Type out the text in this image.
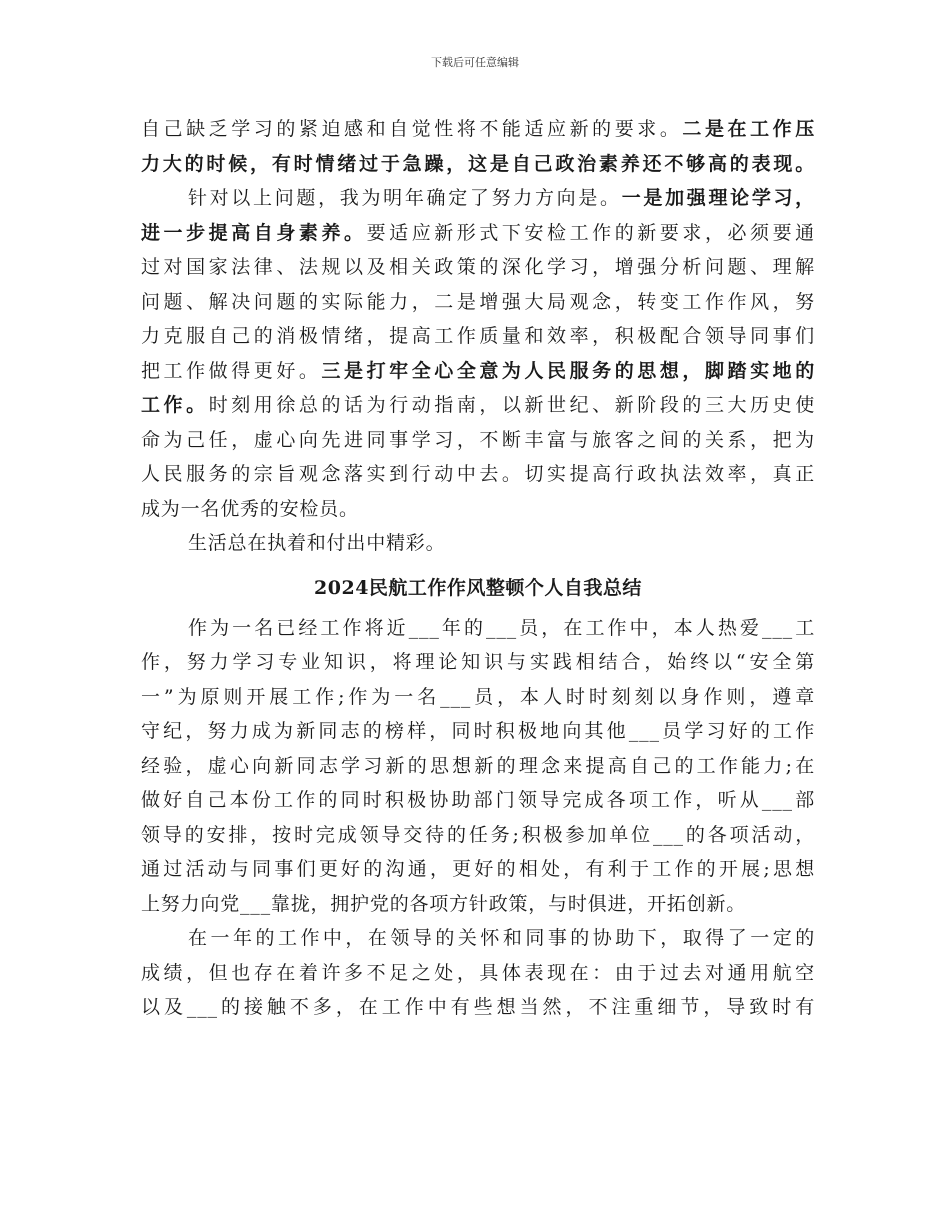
下载后可任意编辑
自己缺乏学习的紧迫感和自觉性将不能适应新的要求。二是在工作压
力大的时候，有时情绪过于急躁，这是自己政治素养还不够高的表现。
针对以上问题，我为明年确定了努力方向是。一是加强理论学习，
进一步提高自身素养。要适应新形式下安检工作的新要求，必须要通
过对国家法律、法规以及相关政策的深化学习，增强分析问题、理解
问题、解决问题的实际能力，二是增强大局观念，转变工作作风，努
力克服自己的消极情绪，提高工作质量和效率，积极配合领导同事们
把工作做得更好。三是打牢全心全意为人民服务的思想，脚踏实地的
工作。时刻用徐总的话为行动指南，以新世纪、新阶段的三大历史使
命为己任，虚心向先进同事学习，不断丰富与旅客之间的关系，把为
人民服务的宗旨观念落实到行动中去。切实提高行政执法效率，真正
成为一名优秀的安检员。
生活总在执着和付出中精彩。
2024民航工作作风整顿个人自我总结
作为一名已经工作将近___年的___员，在工作中，本人热爱___工
作，努力学习专业知识，将理论知识与实践相结合，始终以“安全第
一”为原则开展工作;作为一名___员，本人时时刻刻以身作则，遵章
守纪，努力成为新同志的榜样，同时积极地向其他___员学习好的工作
经验，虚心向新同志学习新的思想新的理念来提高自己的工作能力;在
做好自己本份工作的同时积极协助部门领导完成各项工作，听从___部
领导的安排，按时完成领导交待的任务;积极参加单位___的各项活动，
通过活动与同事们更好的沟通，更好的相处，有利于工作的开展;思想
上努力向党___靠拢，拥护党的各项方针政策，与时俱进，开拓创新。
在一年的工作中，在领导的关怀和同事的协助下，取得了一定的
成绩，但也存在着许多不足之处，具体表现在：由于过去对通用航空
以及___的接触不多，在工作中有些想当然，不注重细节，导致时有
